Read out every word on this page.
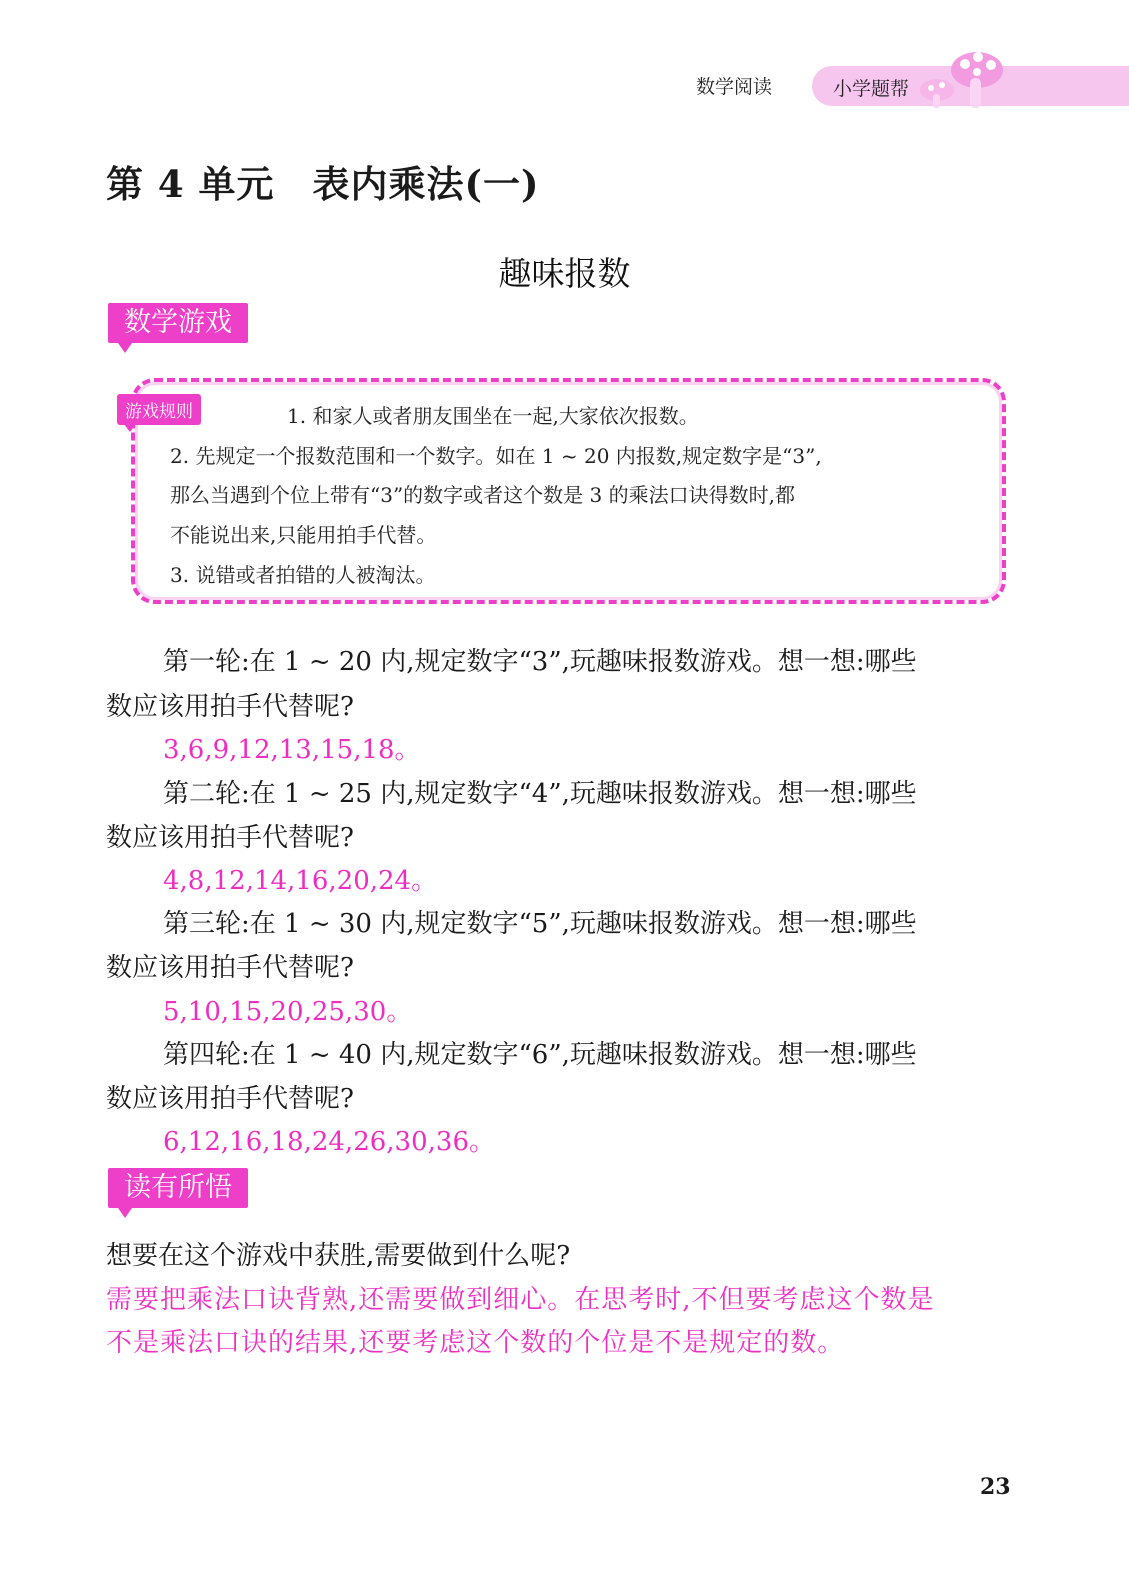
数学阅读	小学题帮
第 4 单元　表内乘法(一)
趣味报数
数学游戏
游戏规则	1. 和家人或者朋友围坐在一起,大家依次报数。
2. 先规定一个报数范围和一个数字。如在 1 ~ 20 内报数,规定数字是“3”,
那么当遇到个位上带有“3”的数字或者这个数是 3 的乘法口诀得数时,都
不能说出来,只能用拍手代替。
3. 说错或者拍错的人被淘汰。
第一轮:在 1 ~ 20 内,规定数字“3”,玩趣味报数游戏。想一想:哪些
数应该用拍手代替呢?
3,6,9,12,13,15,18。
第二轮:在 1 ~ 25 内,规定数字“4”,玩趣味报数游戏。想一想:哪些
数应该用拍手代替呢?
4,8,12,14,16,20,24。
第三轮:在 1 ~ 30 内,规定数字“5”,玩趣味报数游戏。想一想:哪些
数应该用拍手代替呢?
5,10,15,20,25,30。
第四轮:在 1 ~ 40 内,规定数字“6”,玩趣味报数游戏。想一想:哪些
数应该用拍手代替呢?
6,12,16,18,24,26,30,36。
读有所悟
想要在这个游戏中获胜,需要做到什么呢?
需要把乘法口诀背熟,还需要做到细心。在思考时,不但要考虑这个数是
不是乘法口诀的结果,还要考虑这个数的个位是不是规定的数。
23
